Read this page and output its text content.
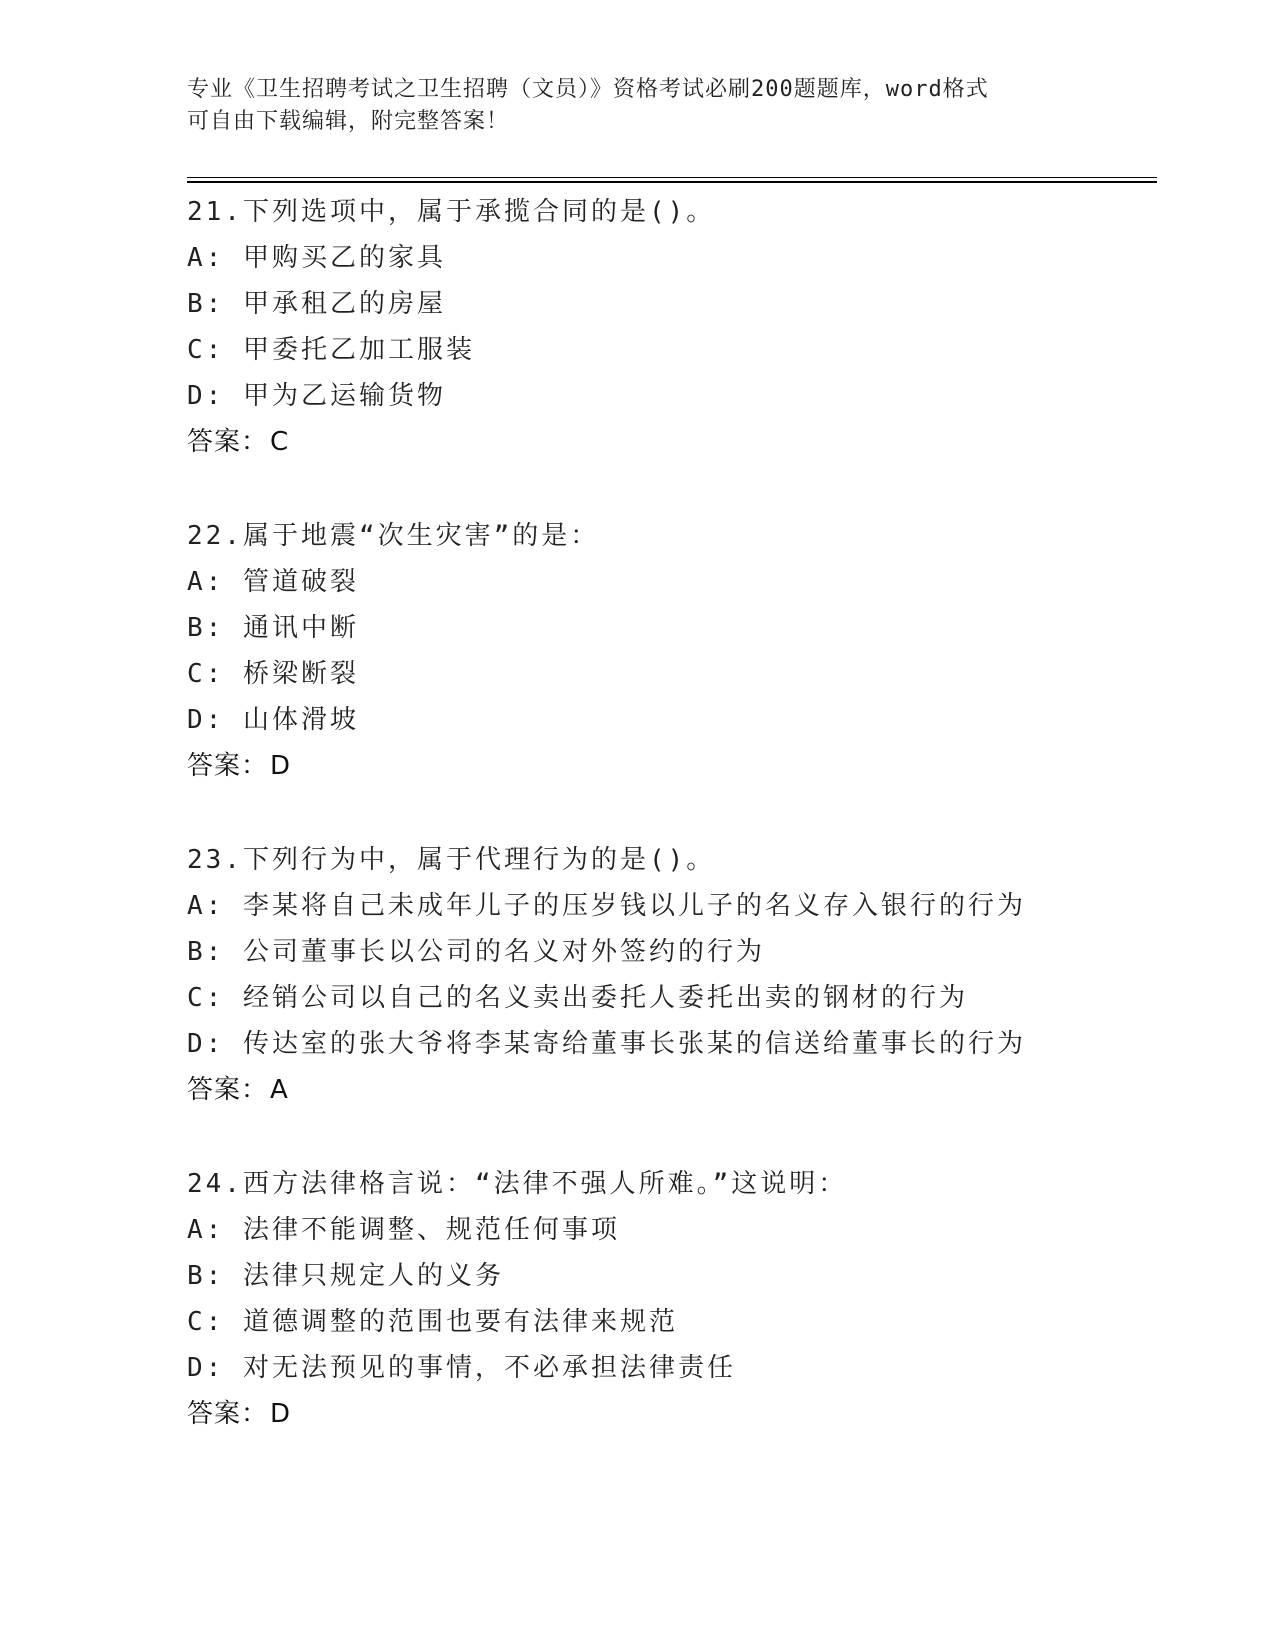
专业《卫生招聘考试之卫生招聘（文员）》资格考试必刷200题题库，word格式
可自由下载编辑，附完整答案！
21.下列选项中，属于承揽合同的是()。
A: 甲购买乙的家具
B: 甲承租乙的房屋
C: 甲委托乙加工服装
D: 甲为乙运输货物
答案：C
22.属于地震“次生灾害”的是：
A: 管道破裂
B: 通讯中断
C: 桥梁断裂
D: 山体滑坡
答案：D
23.下列行为中，属于代理行为的是()。
A: 李某将自己未成年儿子的压岁钱以儿子的名义存入银行的行为
B: 公司董事长以公司的名义对外签约的行为
C: 经销公司以自己的名义卖出委托人委托出卖的钢材的行为
D: 传达室的张大爷将李某寄给董事长张某的信送给董事长的行为
答案：A
24.西方法律格言说：“法律不强人所难。”这说明：
A: 法律不能调整、规范任何事项
B: 法律只规定人的义务
C: 道德调整的范围也要有法律来规范
D: 对无法预见的事情，不必承担法律责任
答案：D
